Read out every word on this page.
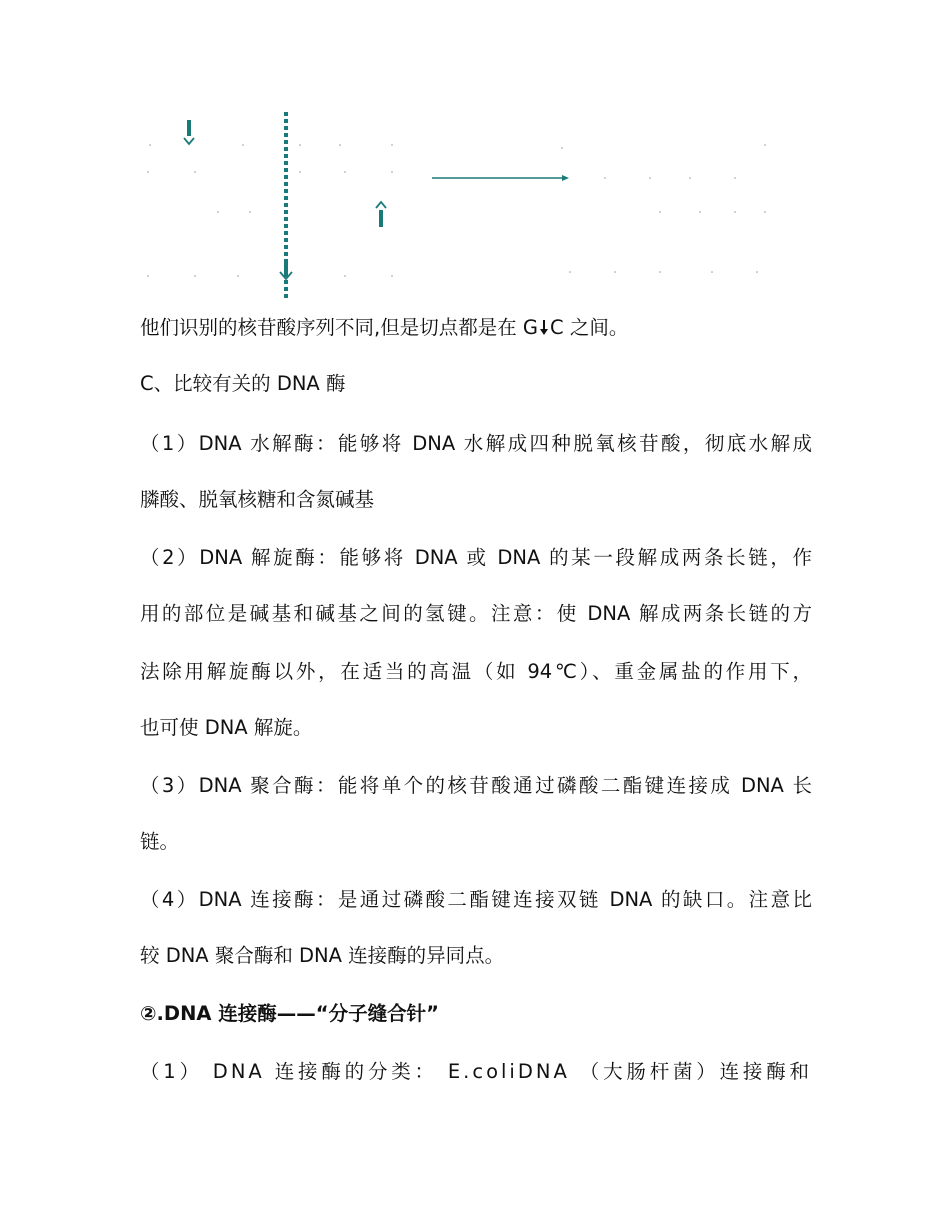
他们识别的核苷酸序列不同,但是切点都是在 G C 之间。
C、比较有关的 DNA 酶
（1）DNA 水解酶：能够将 DNA 水解成四种脱氧核苷酸，彻底水解成
膦酸、脱氧核糖和含氮碱基
（2）DNA 解旋酶：能够将 DNA 或 DNA 的某一段解成两条长链，作
用的部位是碱基和碱基之间的氢键。注意：使 DNA 解成两条长链的方
法除用解旋酶以外，在适当的高温（如 94℃）、重金属盐的作用下，
也可使 DNA 解旋。
（3）DNA 聚合酶：能将单个的核苷酸通过磷酸二酯键连接成 DNA 长
链。
（4）DNA 连接酶：是通过磷酸二酯键连接双链 DNA 的缺口。注意比
较 DNA 聚合酶和 DNA 连接酶的异同点。
②.DNA 连接酶——“分子缝合针”
（1） DNA 连接酶的分类： E.coliDNA （大肠杆菌）连接酶和
